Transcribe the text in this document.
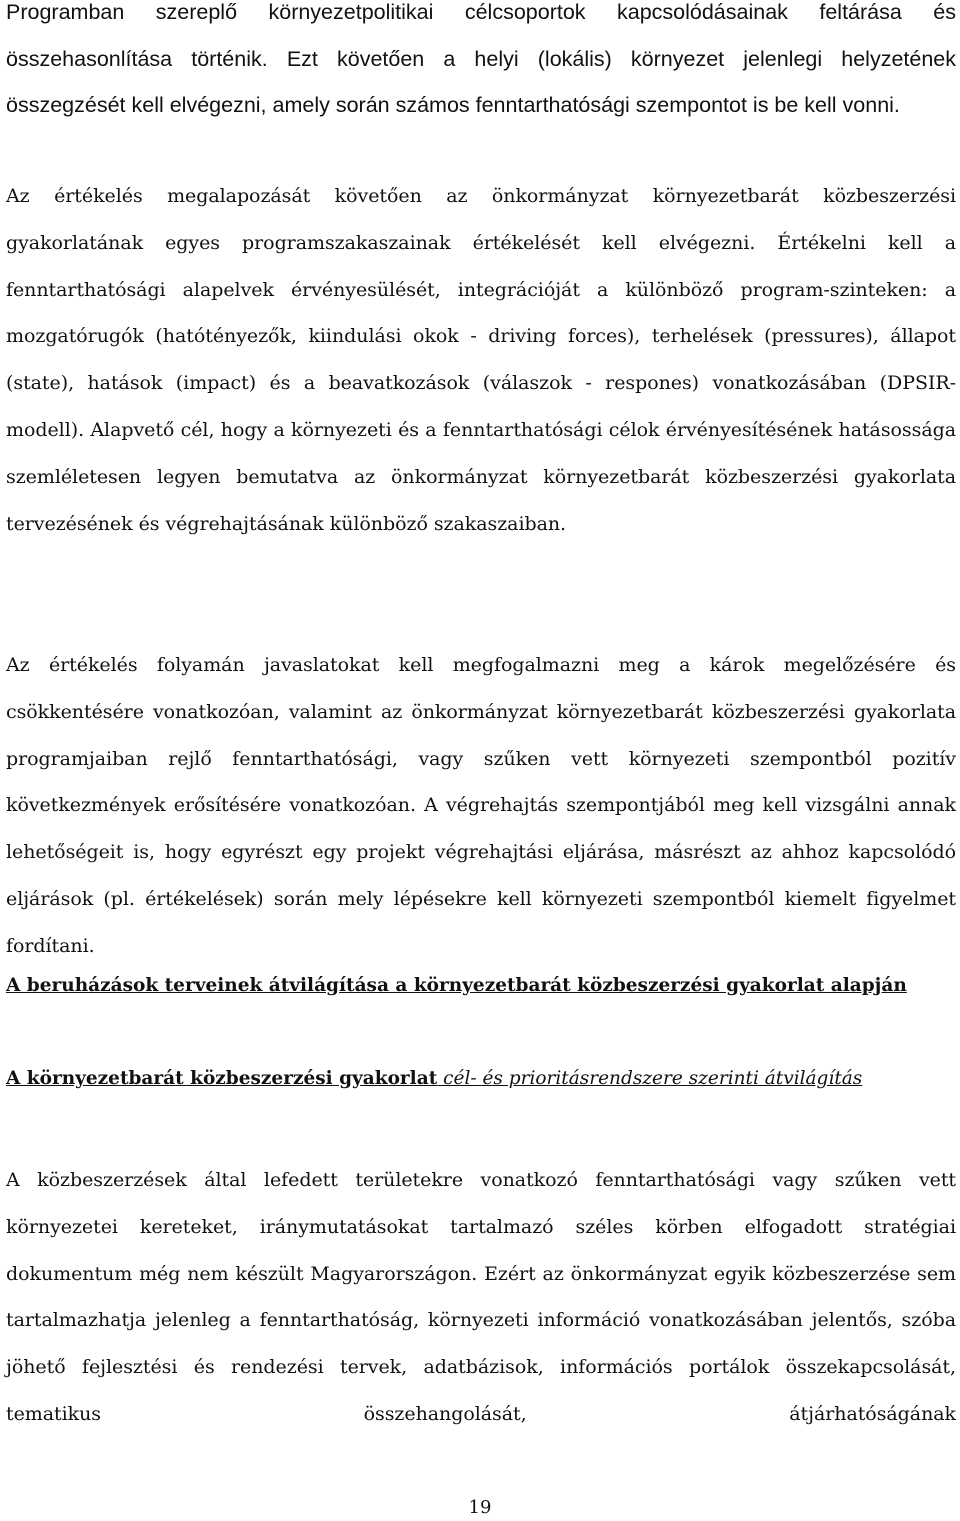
Programban szereplő környezetpolitikai célcsoportok kapcsolódásainak feltárása és összehasonlítása történik. Ezt követően a helyi (lokális) környezet jelenlegi helyzetének összegzését kell elvégezni, amely során számos fenntarthatósági szempontot is be kell vonni.

Az értékelés megalapozását követően az önkormányzat környezetbarát közbeszerzési gyakorlatának egyes programszakaszainak értékelését kell elvégezni. Értékelni kell a fenntarthatósági alapelvek érvényesülését, integrációját a különböző program-szinteken: a mozgatórugók (hatótényezők, kiindulási okok - driving forces), terhelések (pressures), állapot (state), hatások (impact) és a beavatkozások (válaszok - respones) vonatkozásában (DPSIR-modell). Alapvető cél, hogy a környezeti és a fenntarthatósági célok érvényesítésének hatásossága szemléletesen legyen bemutatva az önkormányzat környezetbarát közbeszerzési gyakorlata tervezésének és végrehajtásának különböző szakaszaiban.

Az értékelés folyamán javaslatokat kell megfogalmazni meg a károk megelőzésére és csökkentésére vonatkozóan, valamint az önkormányzat környezetbarát közbeszerzési gyakorlata programjaiban rejlő fenntarthatósági, vagy szűken vett környezeti szempontból pozitív következmények erősítésére vonatkozóan. A végrehajtás szempontjából meg kell vizsgálni annak lehetőségeit is, hogy egyrészt egy projekt végrehajtási eljárása, másrészt az ahhoz kapcsolódó eljárások (pl. értékelések) során mely lépésekre kell környezeti szempontból kiemelt figyelmet fordítani.

A beruházások terveinek átvilágítása a környezetbarát közbeszerzési gyakorlat alapján

A környezetbarát közbeszerzési gyakorlat cél- és prioritásrendszere szerinti átvilágítás

A közbeszerzések által lefedett területekre vonatkozó fenntarthatósági vagy szűken vett környezetei kereteket, iránymutatásokat tartalmazó széles körben elfogadott stratégiai dokumentum még nem készült Magyarországon. Ezért az önkormányzat egyik közbeszerzése sem tartalmazhatja jelenleg a fenntarthatóság, környezeti információ vonatkozásában jelentős, szóba jöhető fejlesztési és rendezési tervek, adatbázisok, információs portálok összekapcsolását, tematikus összehangolását, átjárhatóságának

19
